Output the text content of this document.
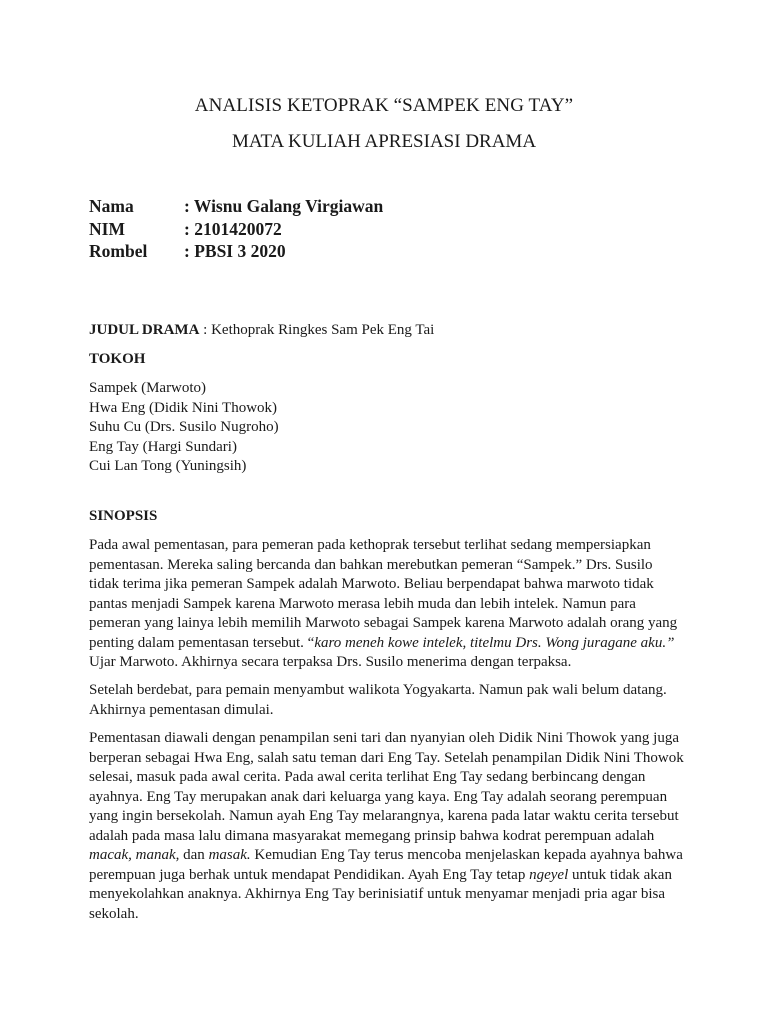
ANALISIS KETOPRAK “SAMPEK ENG TAY”
MATA KULIAH APRESIASI DRAMA
Nama	: Wisnu Galang Virgiawan
NIM	: 2101420072
Rombel	: PBSI 3 2020
JUDUL DRAMA : Kethoprak Ringkes Sam Pek Eng Tai
TOKOH
Sampek (Marwoto)
Hwa Eng (Didik Nini Thowok)
Suhu Cu (Drs. Susilo Nugroho)
Eng Tay (Hargi Sundari)
Cui Lan Tong (Yuningsih)
SINOPSIS
Pada awal pementasan, para pemeran pada kethoprak tersebut terlihat sedang mempersiapkan pementasan. Mereka saling bercanda dan bahkan merebutkan pemeran “Sampek.” Drs. Susilo tidak terima jika pemeran Sampek adalah Marwoto. Beliau berpendapat bahwa marwoto tidak pantas menjadi Sampek karena Marwoto merasa lebih muda dan lebih intelek. Namun para pemeran yang lainya lebih memilih Marwoto sebagai Sampek karena Marwoto adalah orang yang penting dalam pementasan tersebut. “karo meneh kowe intelek, titelmu Drs. Wong juragane aku.” Ujar Marwoto. Akhirnya secara terpaksa Drs. Susilo menerima dengan terpaksa.
Setelah berdebat, para pemain menyambut walikota Yogyakarta. Namun pak wali belum datang. Akhirnya pementasan dimulai.
Pementasan diawali dengan penampilan seni tari dan nyanyian oleh Didik Nini Thowok yang juga berperan sebagai Hwa Eng, salah satu teman dari Eng Tay. Setelah penampilan Didik Nini Thowok selesai, masuk pada awal cerita. Pada awal cerita terlihat Eng Tay sedang berbincang dengan ayahnya. Eng Tay merupakan anak dari keluarga yang kaya. Eng Tay adalah seorang perempuan yang ingin bersekolah. Namun ayah Eng Tay melarangnya, karena pada latar waktu cerita tersebut adalah pada masa lalu dimana masyarakat memegang prinsip bahwa kodrat perempuan adalah macak, manak, dan masak. Kemudian Eng Tay terus mencoba menjelaskan kepada ayahnya bahwa perempuan juga berhak untuk mendapat Pendidikan. Ayah Eng Tay tetap ngeyel untuk tidak akan menyekolahkan anaknya. Akhirnya Eng Tay berinisiatif untuk menyamar menjadi pria agar bisa sekolah.
